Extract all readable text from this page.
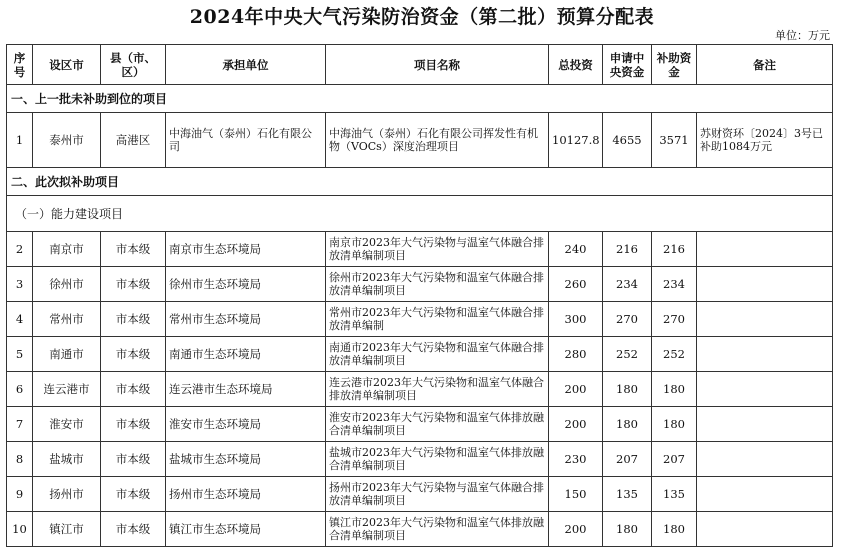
2024年中央大气污染防治资金（第二批）预算分配表
单位：万元
序号	设区市	县（市、区）	承担单位	项目名称	总投资	申请中央资金	补助资金	备注
一、上一批未补助到位的项目								
1	泰州市	高港区	中海油气（泰州）石化有限公司	中海油气（泰州）石化有限公司挥发性有机物（VOCs）深度治理项目	10127.8	4655	3571	苏财资环〔2024〕3号已补助1084万元
二、此次拟补助项目								
（一）能力建设项目								
2	南京市	市本级	南京市生态环境局	南京市2023年大气污染物与温室气体融合排放清单编制项目	240	216	216	
3	徐州市	市本级	徐州市生态环境局	徐州市2023年大气污染物和温室气体融合排放清单编制项目	260	234	234	
4	常州市	市本级	常州市生态环境局	常州市2023年大气污染物和温室气体融合排放清单编制	300	270	270	
5	南通市	市本级	南通市生态环境局	南通市2023年大气污染物和温室气体融合排放清单编制项目	280	252	252	
6	连云港市	市本级	连云港市生态环境局	连云港市2023年大气污染物和温室气体融合排放清单编制项目	200	180	180	
7	淮安市	市本级	淮安市生态环境局	淮安市2023年大气污染物和温室气体排放融合清单编制项目	200	180	180	
8	盐城市	市本级	盐城市生态环境局	盐城市2023年大气污染物和温室气体排放融合清单编制项目	230	207	207	
9	扬州市	市本级	扬州市生态环境局	扬州市2023年大气污染物与温室气体融合排放清单编制项目	150	135	135	
10	镇江市	市本级	镇江市生态环境局	镇江市2023年大气污染物和温室气体排放融合清单编制项目	200	180	180	
